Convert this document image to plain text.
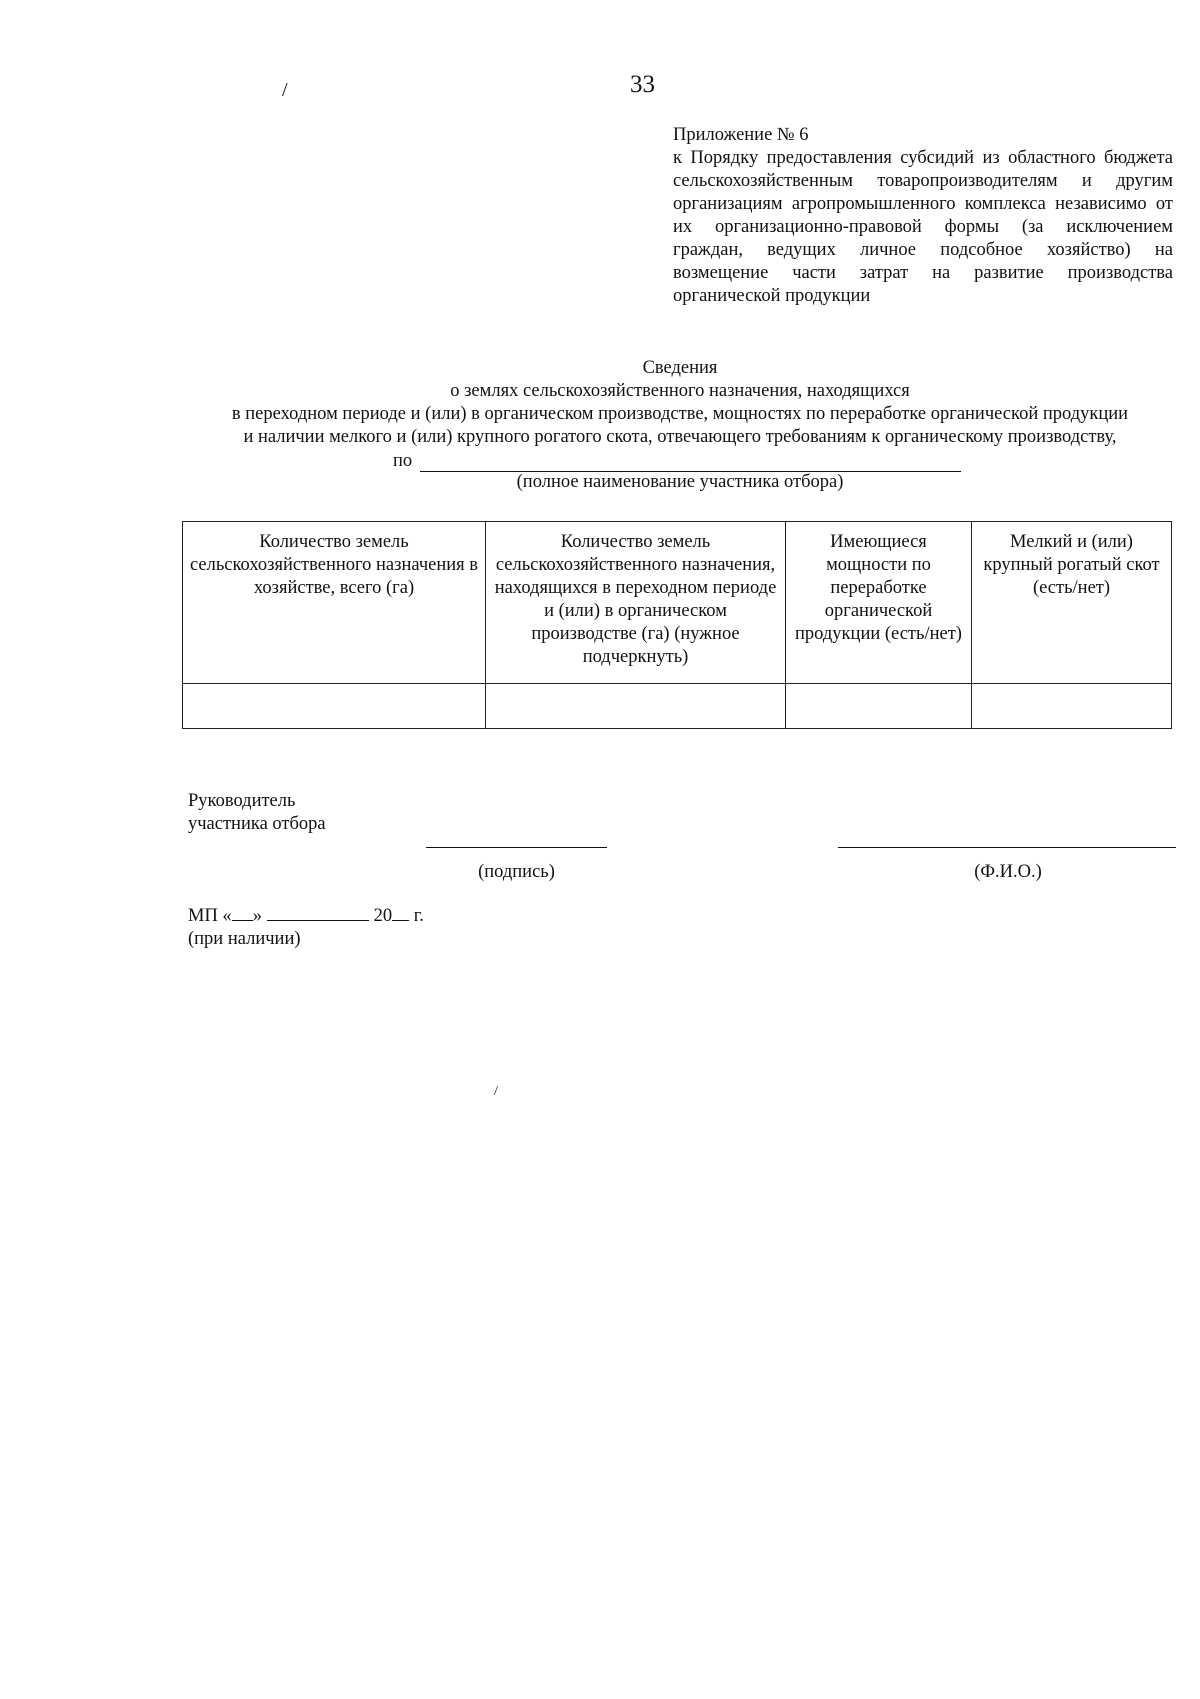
/	33
Приложение № 6
к Порядку предоставления субсидий из областного бюджета сельскохозяйственным товаропроизводителям и другим организациям агропромышленного комплекса независимо от их организационно-правовой формы (за исключением граждан, ведущих личное подсобное хозяйство) на возмещение части затрат на развитие производства органической продукции
Сведения
о землях сельскохозяйственного назначения, находящихся
в переходном периоде и (или) в органическом производстве, мощностях по переработке органической продукции
и наличии мелкого и (или) крупного рогатого скота, отвечающего требованиям к органическому производству,
по
(полное наименование участника отбора)
Количество земель сельскохозяйственного назначения в хозяйстве, всего (га)	Количество земель сельскохозяйственного назначения, находящихся в переходном периоде и (или) в органическом производстве (га) (нужное подчеркнуть)	Имеющиеся мощности по переработке органической продукции (есть/нет)	Мелкий и (или) крупный рогатый скот (есть/нет)

Руководитель
участника отбора
(подпись)	(Ф.И.О.)
МП « »	20 г.
(при наличии)
/
